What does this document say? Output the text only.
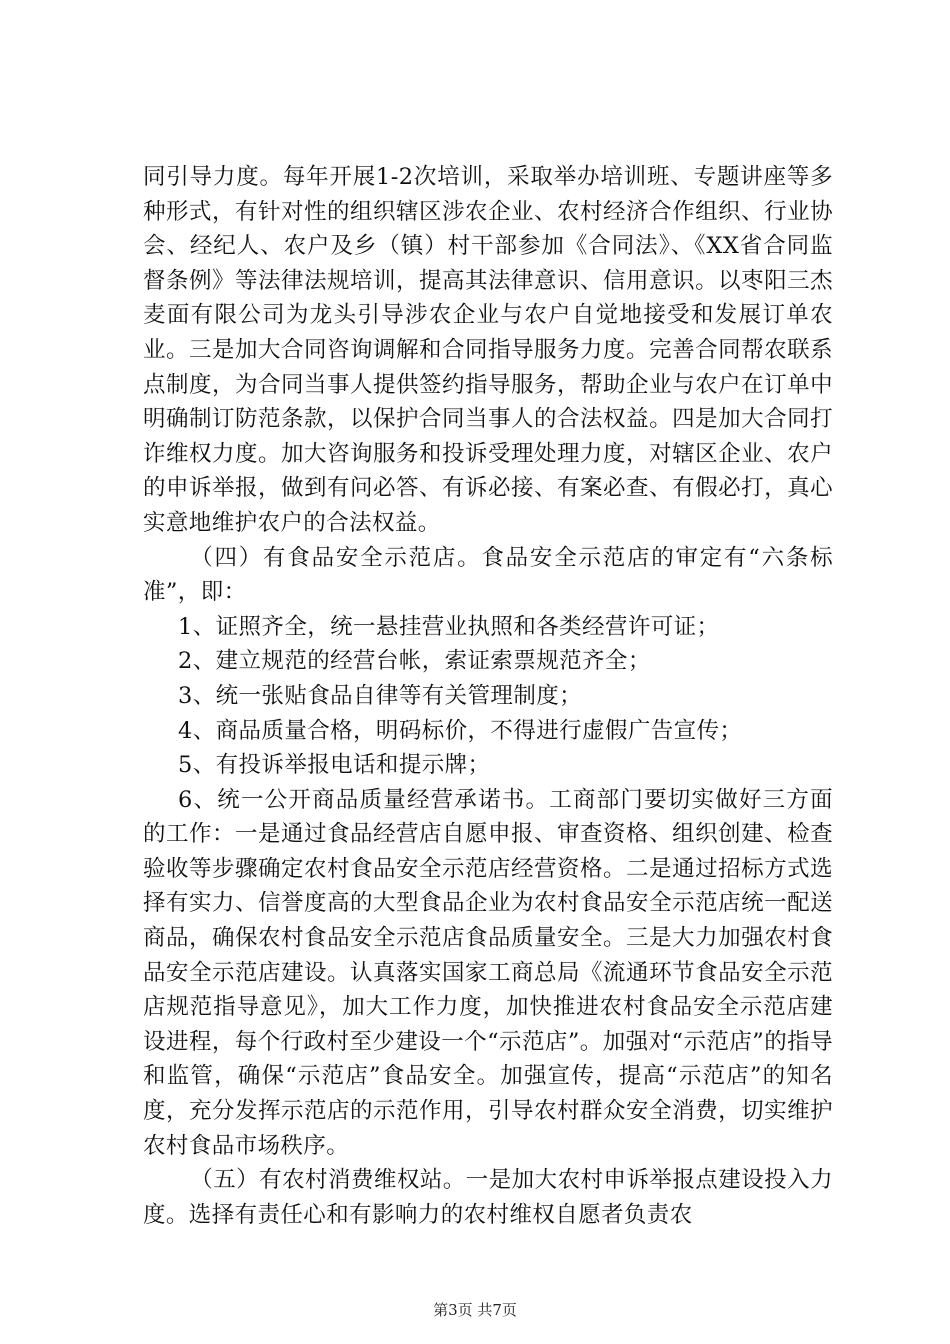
同引导力度。每年开展1-2次培训，采取举办培训班、专题讲座等多种形式，有针对性的组织辖区涉农企业、农村经济合作组织、行业协会、经纪人、农户及乡（镇）村干部参加《合同法》、《XX省合同监督条例》等法律法规培训，提高其法律意识、信用意识。以枣阳三杰麦面有限公司为龙头引导涉农企业与农户自觉地接受和发展订单农业。三是加大合同咨询调解和合同指导服务力度。完善合同帮农联系点制度，为合同当事人提供签约指导服务，帮助企业与农户在订单中明确制订防范条款，以保护合同当事人的合法权益。四是加大合同打诈维权力度。加大咨询服务和投诉受理处理力度，对辖区企业、农户的申诉举报，做到有问必答、有诉必接、有案必查、有假必打，真心实意地维护农户的合法权益。

（四）有食品安全示范店。食品安全示范店的审定有“六条标准”，即：

1、证照齐全，统一悬挂营业执照和各类经营许可证；

2、建立规范的经营台帐，索证索票规范齐全；

3、统一张贴食品自律等有关管理制度；

4、商品质量合格，明码标价，不得进行虚假广告宣传；

5、有投诉举报电话和提示牌；

6、统一公开商品质量经营承诺书。工商部门要切实做好三方面的工作：一是通过食品经营店自愿申报、审查资格、组织创建、检查验收等步骤确定农村食品安全示范店经营资格。二是通过招标方式选择有实力、信誉度高的大型食品企业为农村食品安全示范店统一配送商品，确保农村食品安全示范店食品质量安全。三是大力加强农村食品安全示范店建设。认真落实国家工商总局《流通环节食品安全示范店规范指导意见》，加大工作力度，加快推进农村食品安全示范店建设进程，每个行政村至少建设一个“示范店”。加强对“示范店”的指导和监管，确保“示范店”食品安全。加强宣传，提高“示范店”的知名度，充分发挥示范店的示范作用，引导农村群众安全消费，切实维护农村食品市场秩序。

（五）有农村消费维权站。一是加大农村申诉举报点建设投入力度。选择有责任心和有影响力的农村维权自愿者负责农

第3页 共7页
